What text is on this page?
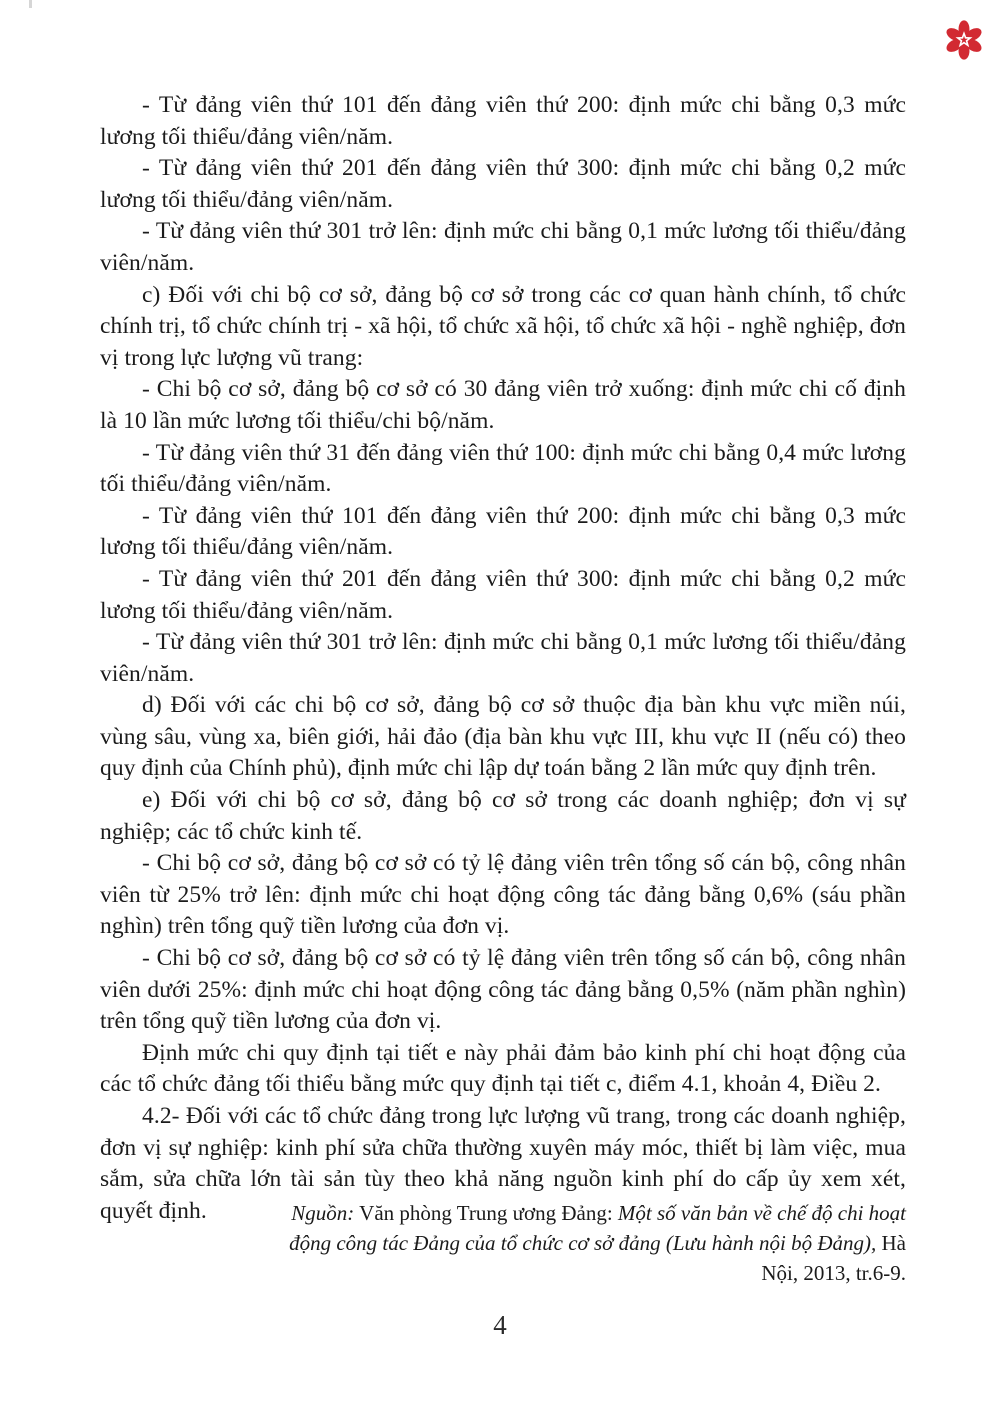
- Từ đảng viên thứ 101 đến đảng viên thứ 200: định mức chi bằng 0,3 mức lương tối thiểu/đảng viên/năm.

- Từ đảng viên thứ 201 đến đảng viên thứ 300: định mức chi bằng 0,2 mức lương tối thiểu/đảng viên/năm.

- Từ đảng viên thứ 301 trở lên: định mức chi bằng 0,1 mức lương tối thiểu/đảng viên/năm.

c) Đối với chi bộ cơ sở, đảng bộ cơ sở trong các cơ quan hành chính, tổ chức chính trị, tổ chức chính trị - xã hội, tổ chức xã hội, tổ chức xã hội - nghề nghiệp, đơn vị trong lực lượng vũ trang:

- Chi bộ cơ sở, đảng bộ cơ sở có 30 đảng viên trở xuống: định mức chi cố định là 10 lần mức lương tối thiểu/chi bộ/năm.

- Từ đảng viên thứ 31 đến đảng viên thứ 100: định mức chi bằng 0,4 mức lương tối thiểu/đảng viên/năm.

- Từ đảng viên thứ 101 đến đảng viên thứ 200: định mức chi bằng 0,3 mức lương tối thiểu/đảng viên/năm.

- Từ đảng viên thứ 201 đến đảng viên thứ 300: định mức chi bằng 0,2 mức lương tối thiểu/đảng viên/năm.

- Từ đảng viên thứ 301 trở lên: định mức chi bằng 0,1 mức lương tối thiểu/đảng viên/năm.

d) Đối với các chi bộ cơ sở, đảng bộ cơ sở thuộc địa bàn khu vực miền núi, vùng sâu, vùng xa, biên giới, hải đảo (địa bàn khu vực III, khu vực II (nếu có) theo quy định của Chính phủ), định mức chi lập dự toán bằng 2 lần mức quy định trên.

e) Đối với chi bộ cơ sở, đảng bộ cơ sở trong các doanh nghiệp; đơn vị sự nghiệp; các tổ chức kinh tế.

- Chi bộ cơ sở, đảng bộ cơ sở có tỷ lệ đảng viên trên tổng số cán bộ, công nhân viên từ 25% trở lên: định mức chi hoạt động công tác đảng bằng 0,6% (sáu phần nghìn) trên tổng quỹ tiền lương của đơn vị.

- Chi bộ cơ sở, đảng bộ cơ sở có tỷ lệ đảng viên trên tổng số cán bộ, công nhân viên dưới 25%: định mức chi hoạt động công tác đảng bằng 0,5% (năm phần nghìn) trên tổng quỹ tiền lương của đơn vị.

Định mức chi quy định tại tiết e này phải đảm bảo kinh phí chi hoạt động của các tổ chức đảng tối thiểu bằng mức quy định tại tiết c, điểm 4.1, khoản 4, Điều 2.

4.2- Đối với các tổ chức đảng trong lực lượng vũ trang, trong các doanh nghiệp, đơn vị sự nghiệp: kinh phí sửa chữa thường xuyên máy móc, thiết bị làm việc, mua sắm, sửa chữa lớn tài sản tùy theo khả năng nguồn kinh phí do cấp ủy xem xét, quyết định.	Nguồn: Văn phòng Trung ương Đảng: Một số văn bản về chế độ chi hoạt động công tác Đảng của tổ chức cơ sở đảng (Lưu hành nội bộ Đảng), Hà Nội, 2013, tr.6-9.
4
